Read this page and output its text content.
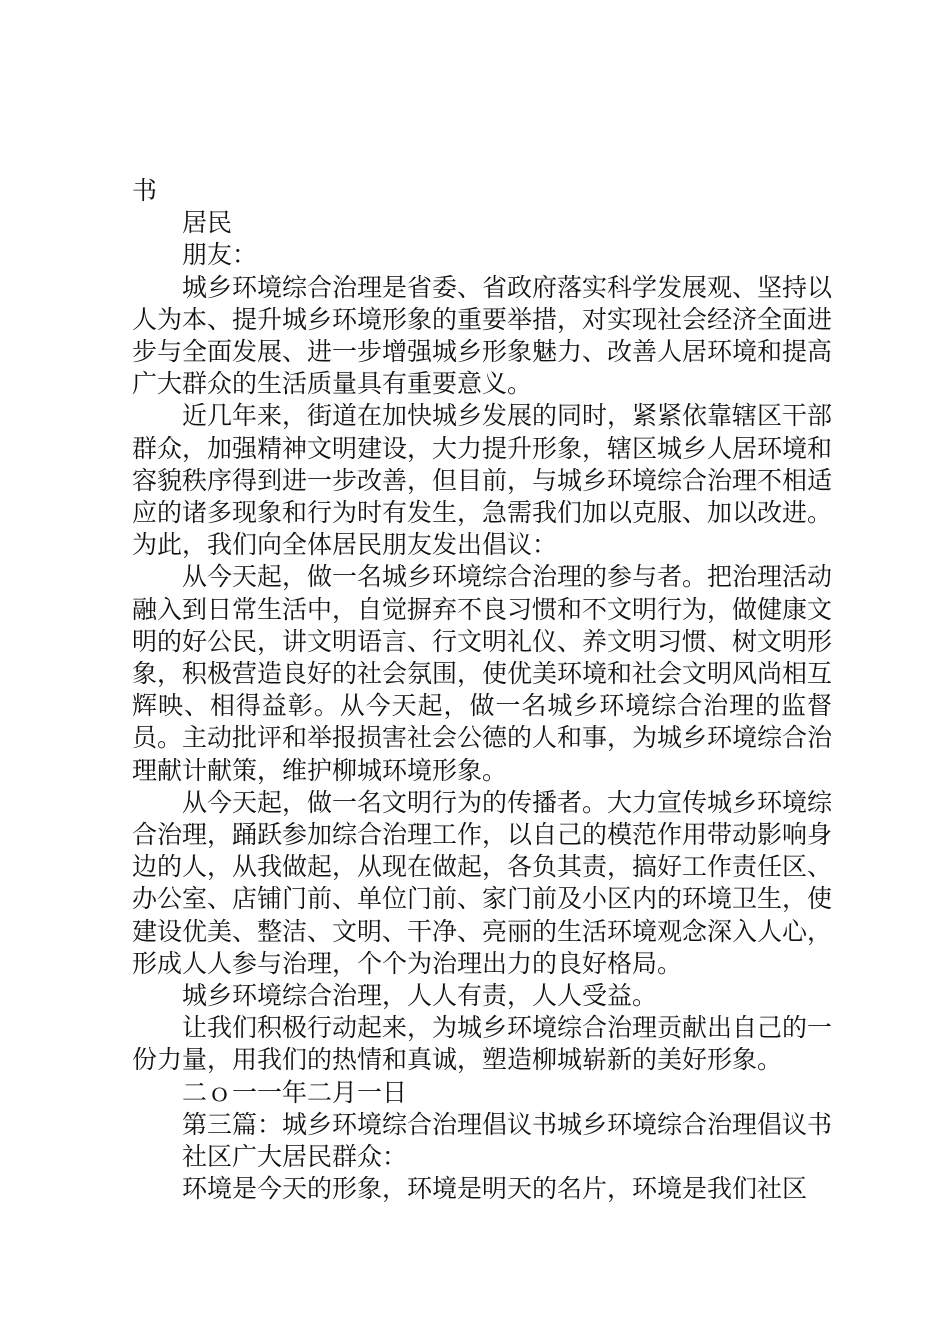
书

居民

朋友：

城乡环境综合治理是省委、省政府落实科学发展观、坚持以人为本、提升城乡环境形象的重要举措，对实现社会经济全面进步与全面发展、进一步增强城乡形象魅力、改善人居环境和提高广大群众的生活质量具有重要意义。

近几年来，街道在加快城乡发展的同时，紧紧依靠辖区干部群众，加强精神文明建设，大力提升形象，辖区城乡人居环境和容貌秩序得到进一步改善，但目前，与城乡环境综合治理不相适应的诸多现象和行为时有发生，急需我们加以克服、加以改进。为此，我们向全体居民朋友发出倡议：

从今天起，做一名城乡环境综合治理的参与者。把治理活动融入到日常生活中，自觉摒弃不良习惯和不文明行为，做健康文明的好公民，讲文明语言、行文明礼仪、养文明习惯、树文明形象，积极营造良好的社会氛围，使优美环境和社会文明风尚相互辉映、相得益彰。从今天起，做一名城乡环境综合治理的监督员。主动批评和举报损害社会公德的人和事，为城乡环境综合治理献计献策，维护柳城环境形象。

从今天起，做一名文明行为的传播者。大力宣传城乡环境综合治理，踊跃参加综合治理工作，以自己的模范作用带动影响身边的人，从我做起，从现在做起，各负其责，搞好工作责任区、办公室、店铺门前、单位门前、家门前及小区内的环境卫生，使建设优美、整洁、文明、干净、亮丽的生活环境观念深入人心，形成人人参与治理，个个为治理出力的良好格局。

城乡环境综合治理，人人有责，人人受益。

让我们积极行动起来，为城乡环境综合治理贡献出自己的一份力量，用我们的热情和真诚，塑造柳城崭新的美好形象。

二ｏ一一年二月一日

第三篇：城乡环境综合治理倡议书城乡环境综合治理倡议书

社区广大居民群众：

环境是今天的形象，环境是明天的名片，环境是我们社区
